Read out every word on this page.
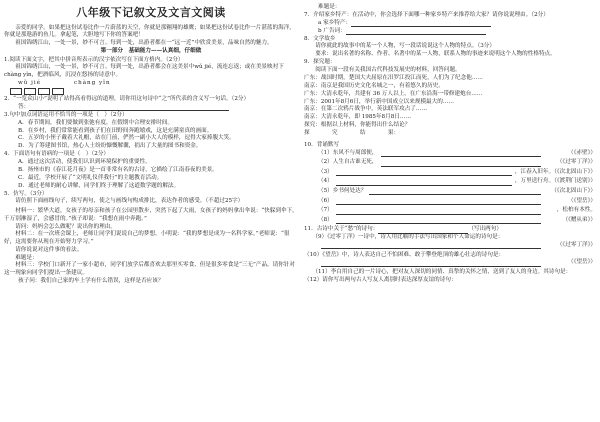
八年级下记叙文及文言文阅读
亲爱的同学，如果把这份试卷比作一片蔚蓝的天空，你就是那翱翔的雄鹰；如果把这份试卷比作一片湛蓝的海洋，你就是那遨游的鱼儿。拿起笔，大胆地写下你的答案吧！
祖国锦绣江山，一处一景，妙不可言。每到一处，出游者都在一“远一近”中欣赏美景，品味自然的魅力。
第一部分　基础能力——认真细，仔细做
1.阅读下面文字，把其中拼音所表示的汉字依次写在下面方格内。（2分）
　　祖国锦绣江山，一处一景，妙不可言。每到一处，出游者都会在这美景中wǔ jié，流连忘返；或在美景映衬下chàng yǐn，把酒临风，沉浸在悠扬的诗意中。
wǔ jié　　　　　chàng yǐn
2．“一览众山小”说明了站得高看得远的道理，请你用这句诗中“之”所代表的含义写一句话。（2分）
答：
3.句中加点词语运用不恰当的一项是（　）（2分）
A．春节期间，我们要做到张弛有度，在假期中合理安排时间。
B．在乡村，我们常常能看到孩子们在田野间奔跑嬉戏，这是充满童真的画面。
C．五岁的小侄子戴着大礼帽，站在门前，俨然一副小大人的模样，逗得大家捧腹大笑。
D．为了筹建图书馆，热心人士纷纷慷慨解囊，捐出了大量的图书和资金。
4．下面语句有语病的一项是（　）（2分）
A．通过这次活动，使我们认识到环境保护的重要性。
B．扬州市的《春江花月夜》是一首非常有名的古诗，它描绘了江南春夜的美景。
C．最近，学校开展了“文明礼仪伴我行”的主题教育活动。
D．通过老师的耐心讲解，同学们终于理解了这道数学题的解法。
5．仿写。（3分）
　　请仿照下面画线句子，续写两句，使之与画线句构成排比，表达作者的感受。（不超过25字）
材料一：繁华大道，女孩子的母亲和孩子在公园里散步，突然下起了大雨，女孩子的妈妈拿出伞说：“快躲到伞下，千万别淋湿了，会感冒的。”孩子却说：“我想在雨中奔跑。”
　　请问：妈妈会怎么做呢？说出你的理由。
材料二：在一次班会课上，老师让同学们说说自己的梦想。小明说：“我的梦想是成为一名科学家。”老师说：“很好，这需要你从现在开始努力学习。”
　　请你说说对这件事的看法。
　　难题是：
材料三：学校门口新开了一家小超市，同学们放学后都喜欢去那里买零食，但是很多零食是“三无”产品，请你针对这一现象向同学们提出一条建议。
孩子问：我们自己家的车上学有什么错误，这样是否应该？
难题是：
7．介绍家乡特产：在活动中，你会选择下面哪一种家乡特产来推荐给大家？请你说说理由。（2分）
a 家乡特产：
b 广告词：
8．文学故乡
　　请你就此的故事中的某一个人物，写一段话说说这个人物的特点。（3分）
　　要求：说出名著的名称、作者、名著中的某一人物，联系人物的事迹来说明这个人物的性格特点。
9．探究题：
　　阅读下面一段有关我国古代科技发展史的材料，回答问题。
广东：战国时期，楚国大夫屈原在汨罗江投江而死，人们为了纪念他……
南京：南京是我国历史文化名城之一，有着悠久的历史。
广东：大清永乾年，共建有 36 万人以上，在广东沿海一带修建炮台……
广东：2001年8月6日，举行新中国成立以来规模最大的……
南京：在第二次鸦片战争中，英法联军攻占了……
南京：大清永乾年，即 1985年8月8日……
探究：根据以上材料，你能得出什么结论？
探　　　　究　　　　结　　　　果：
10．背诵默写
（1）东风不与周郎便，	（《赤壁》）
（2）人生自古谁无死，	（《过零丁洋》）
（3）	，江春入旧年。（《次北固山下》）
（4）	，万里送行舟。（《渡荆门送别》）
（5）乡书何处达？	（《次北固山下》）
（6）	（《望岳》）
（7）	，松柏有本性。
（8）	（《赠从弟》）
11．古诗中关于“愁”的诗句：	（写出两句）
　　（9）《过零丁洋》一诗中，诗人用比喻的手法写出国家和个人命运的诗句是：
（《过零丁洋》）
（10）《望岳》中，诗人表达自己不怕困难、敢于攀登绝顶的雄心壮志的诗句是：
（《望岳》）
　　（11）李白用自己的一片诗心，把对友人深切的同情、真挚的关怀之情，送到了友人的身边。其诗句是：
（12）请你写出两句古人写友人离别时表达深厚友谊的诗句：
